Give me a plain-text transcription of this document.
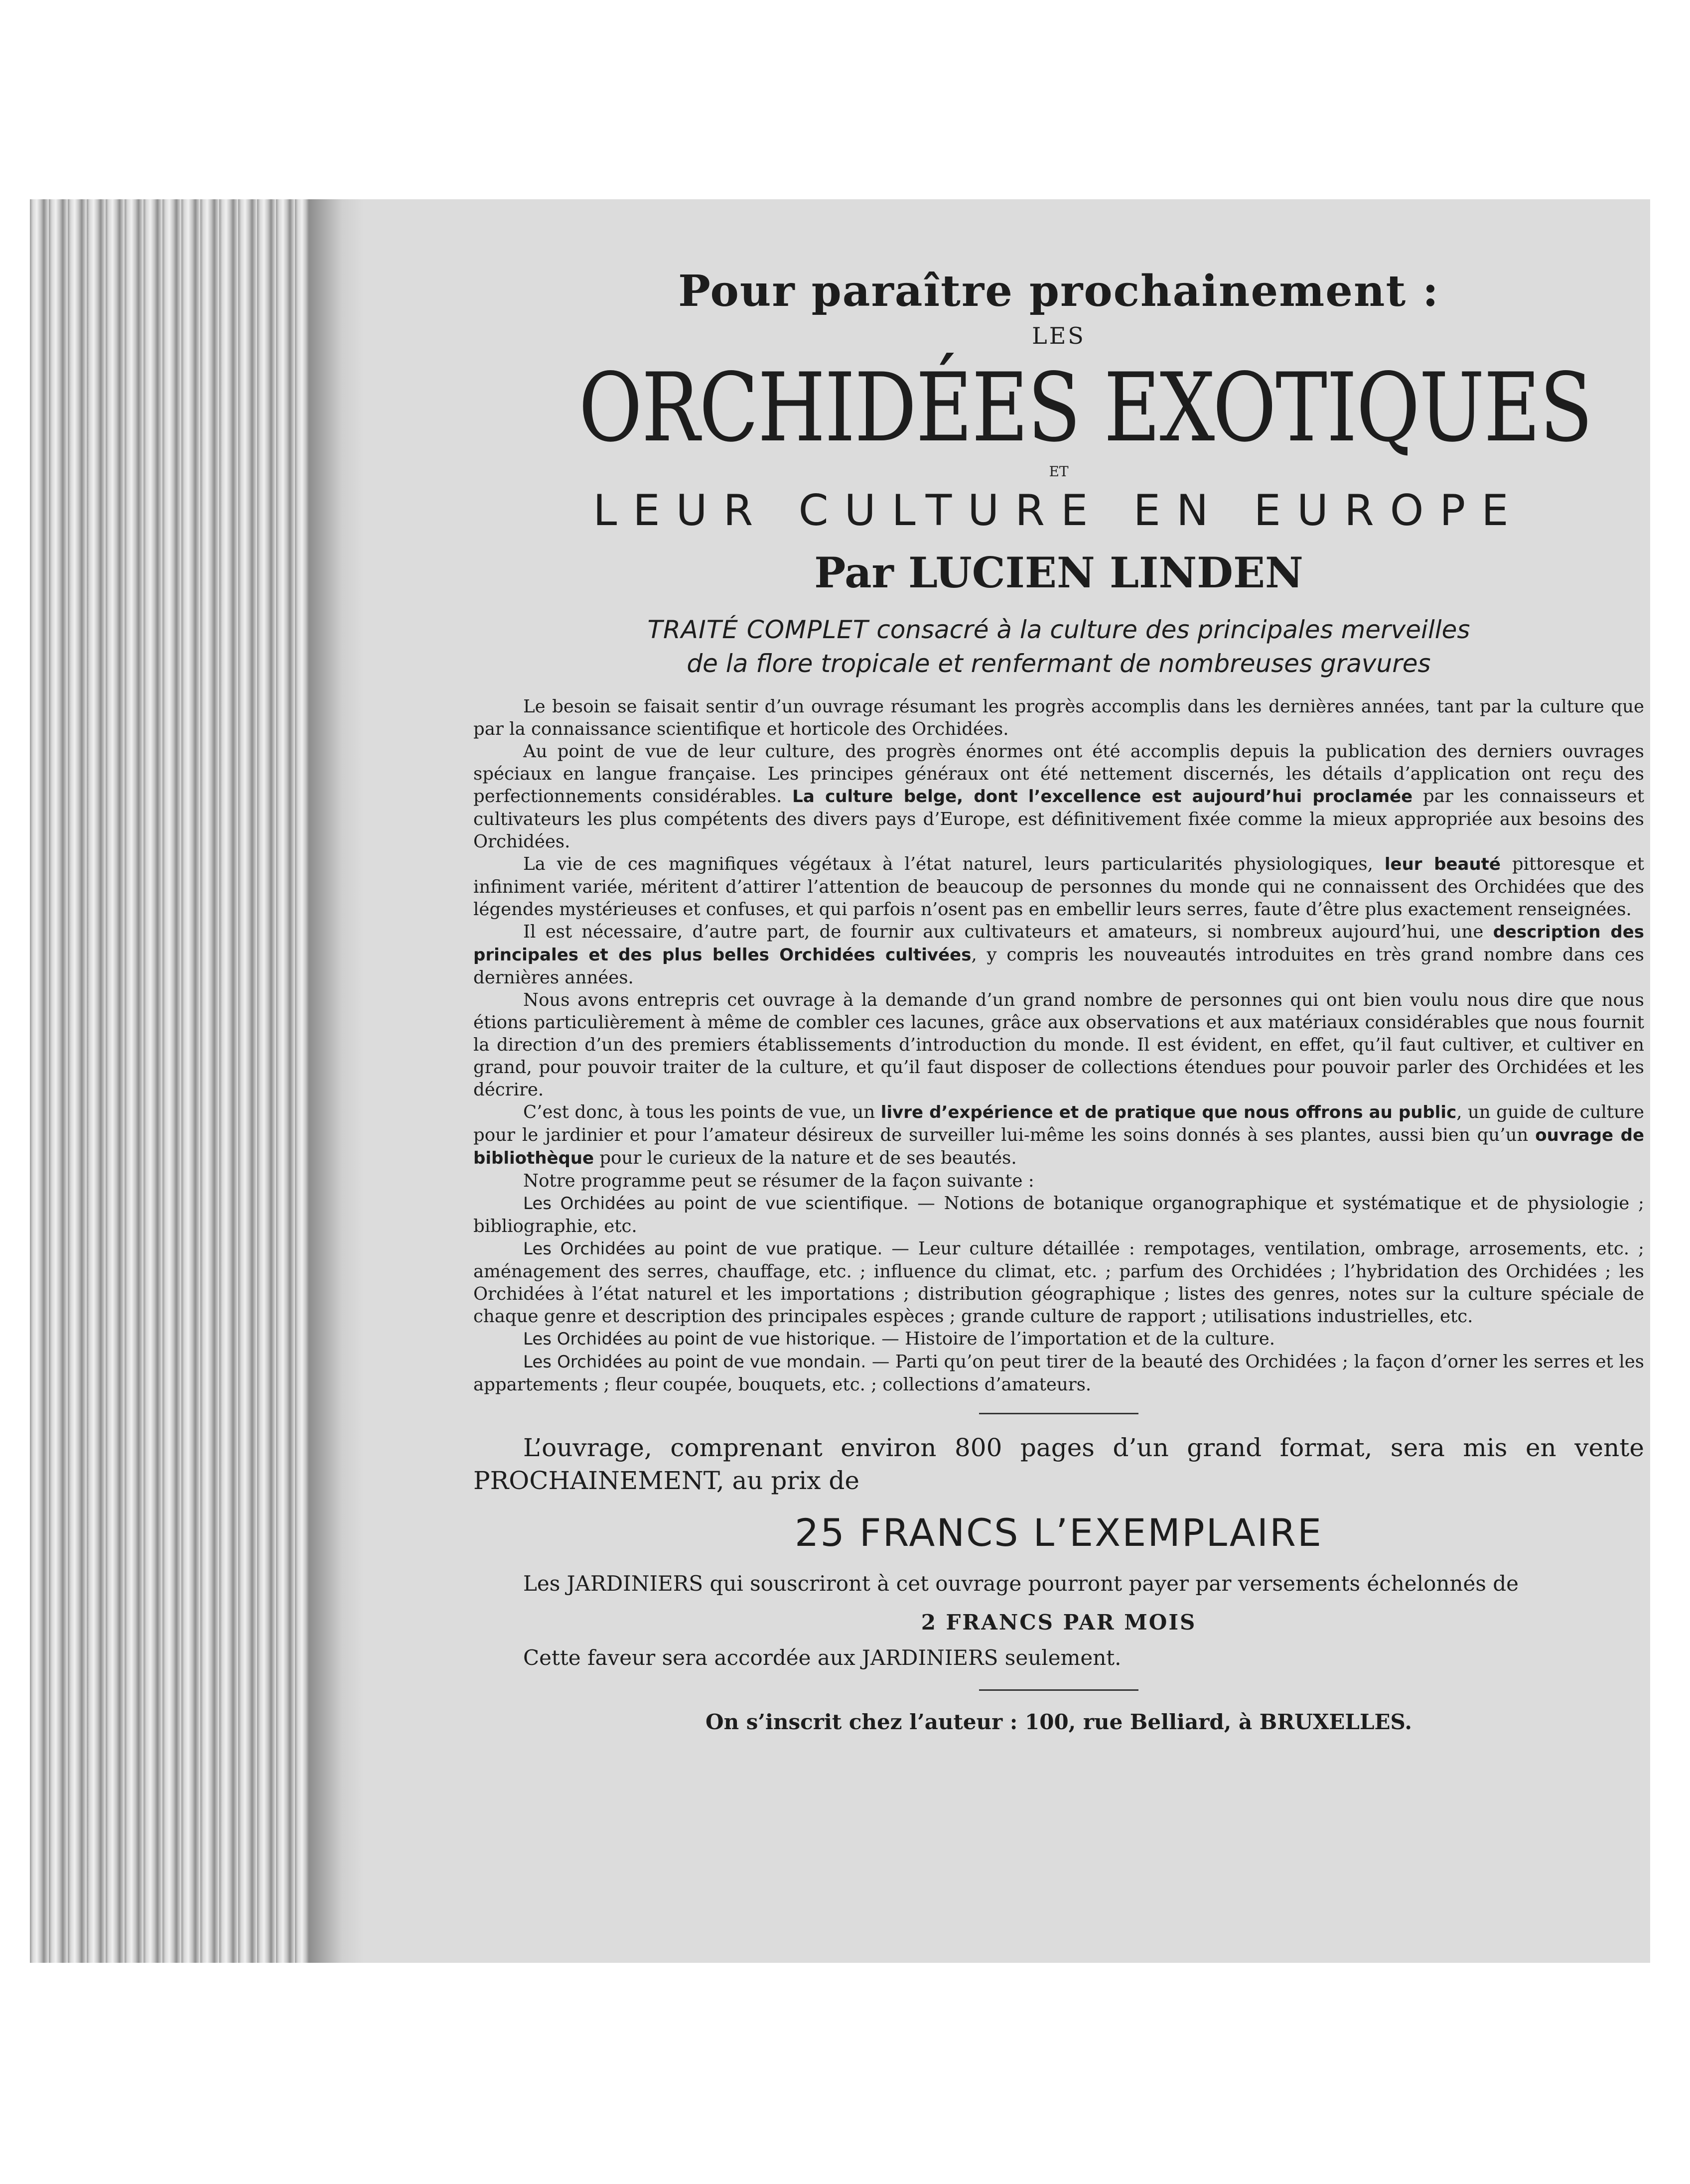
Pour paraître prochainement :
LES
ORCHIDÉES EXOTIQUES
ET
LEUR CULTURE EN EUROPE
Par LUCIEN LINDEN
TRAITÉ COMPLET consacré à la culture des principales merveilles
de la flore tropicale et renfermant de nombreuses gravures

Le besoin se faisait sentir d’un ouvrage résumant les progrès accomplis dans les dernières années, tant par la culture que par la connaissance scientifique et horticole des Orchidées.

Au point de vue de leur culture, des progrès énormes ont été accomplis depuis la publication des derniers ouvrages spéciaux en langue française. Les principes généraux ont été nettement discernés, les détails d’application ont reçu des perfectionnements considérables. La culture belge, dont l’excellence est aujourd’hui proclamée par les connaisseurs et cultivateurs les plus compétents des divers pays d’Europe, est définitivement fixée comme la mieux appropriée aux besoins des Orchidées.

La vie de ces magnifiques végétaux à l’état naturel, leurs particularités physiologiques, leur beauté pittoresque et infiniment variée, méritent d’attirer l’attention de beaucoup de personnes du monde qui ne connaissent des Orchidées que des légendes mystérieuses et confuses, et qui parfois n’osent pas en embellir leurs serres, faute d’être plus exactement renseignées.

Il est nécessaire, d’autre part, de fournir aux cultivateurs et amateurs, si nombreux aujourd’hui, une description des principales et des plus belles Orchidées cultivées, y compris les nouveautés introduites en très grand nombre dans ces dernières années.

Nous avons entrepris cet ouvrage à la demande d’un grand nombre de personnes qui ont bien voulu nous dire que nous étions particulièrement à même de combler ces lacunes, grâce aux observations et aux matériaux considérables que nous fournit la direction d’un des premiers établissements d’introduction du monde. Il est évident, en effet, qu’il faut cultiver, et cultiver en grand, pour pouvoir traiter de la culture, et qu’il faut disposer de collections étendues pour pouvoir parler des Orchidées et les décrire.

C’est donc, à tous les points de vue, un livre d’expérience et de pratique que nous offrons au public, un guide de culture pour le jardinier et pour l’amateur désireux de surveiller lui-même les soins donnés à ses plantes, aussi bien qu’un ouvrage de bibliothèque pour le curieux de la nature et de ses beautés.

Notre programme peut se résumer de la façon suivante :

Les Orchidées au point de vue scientifique. — Notions de botanique organographique et systématique et de physiologie ; bibliographie, etc.

Les Orchidées au point de vue pratique. — Leur culture détaillée : rempotages, ventilation, ombrage, arrosements, etc. ; aménagement des serres, chauffage, etc. ; influence du climat, etc. ; parfum des Orchidées ; l’hybridation des Orchidées ; les Orchidées à l’état naturel et les importations ; distribution géographique ; listes des genres, notes sur la culture spéciale de chaque genre et description des principales espèces ; grande culture de rapport ; utilisations industrielles, etc.

Les Orchidées au point de vue historique. — Histoire de l’importation et de la culture.

Les Orchidées au point de vue mondain. — Parti qu’on peut tirer de la beauté des Orchidées ; la façon d’orner les serres et les appartements ; fleur coupée, bouquets, etc. ; collections d’amateurs.

L’ouvrage, comprenant environ 800 pages d’un grand format, sera mis en vente PROCHAINEMENT, au prix de

25 FRANCS L’EXEMPLAIRE

Les JARDINIERS qui souscriront à cet ouvrage pourront payer par versements échelonnés de

2 FRANCS PAR MOIS

Cette faveur sera accordée aux JARDINIERS seulement.

On s’inscrit chez l’auteur : 100, rue Belliard, à BRUXELLES.
